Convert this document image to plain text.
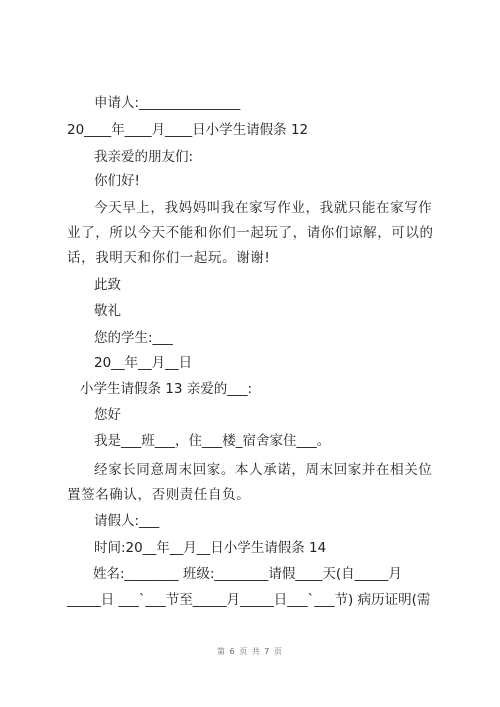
申请人:_______________
20____年____月____日小学生请假条 12
我亲爱的朋友们:
你们好!
今天早上，我妈妈叫我在家写作业，我就只能在家写作业了，所以今天不能和你们一起玩了，请你们谅解，可以的话，我明天和你们一起玩。谢谢!
此致
敬礼
您的学生:___
20__年__月__日
小学生请假条 13 亲爱的___:
您好
我是___班___，住___楼_宿舍家住___。
经家长同意周末回家。本人承诺，周末回家并在相关位置签名确认，否则责任自负。
请假人:___
时间:20__年__月__日小学生请假条 14
姓名:________ 班级:________请假____天(自_____月
_____日 ___ˋ___节至_____月_____日___ˋ___节) 病历证明(需
第 6 页 共 7 页
